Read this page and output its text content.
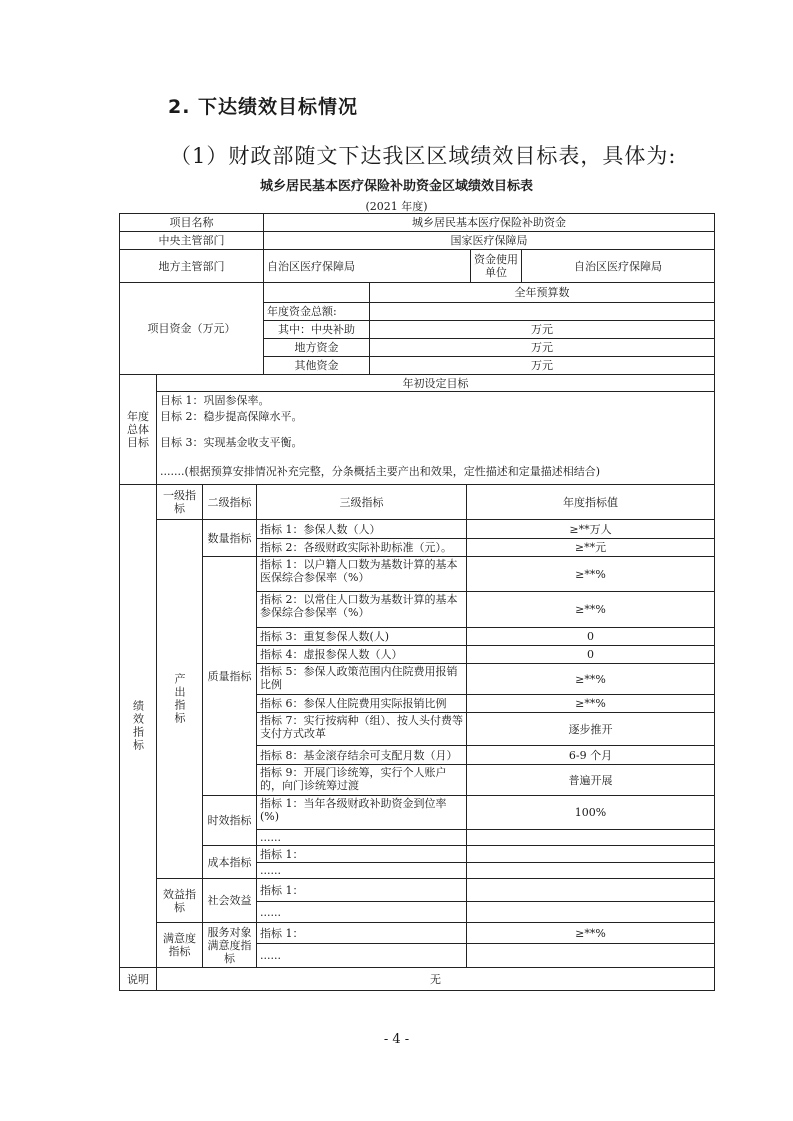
2. 下达绩效目标情况
（1）财政部随文下达我区区域绩效目标表，具体为:
城乡居民基本医疗保险补助资金区域绩效目标表
(2021 年度)
项目名称	城乡居民基本医疗保险补助资金
中央主管部门	国家医疗保障局
地方主管部门	自治区医疗保障局	资金使用单位	自治区医疗保障局
项目资金（万元）
全年预算数
年度资金总额:
其中：中央补助	万元
地方资金	万元
其他资金	万元
年度总体目标
年初设定目标
目标 1：巩固参保率。
目标 2：稳步提高保障水平。
目标 3：实现基金收支平衡。
.......(根据预算安排情况补充完整，分条概括主要产出和效果，定性描述和定量描述相结合)
绩效指标
一级指标	二级指标	三级指标	年度指标值
产出指标
数量指标
指标 1：参保人数（人）	≥**万人
指标 2：各级财政实际补助标准（元）。	≥**元
质量指标
指标 1：以户籍人口数为基数计算的基本医保综合参保率（%）	≥**%
指标 2：以常住人口数为基数计算的基本参保综合参保率（%）	≥**%
指标 3：重复参保人数(人)	0
指标 4：虚报参保人数（人）	0
指标 5：参保人政策范围内住院费用报销比例	≥**%
指标 6：参保人住院费用实际报销比例	≥**%
指标 7：实行按病种（组）、按人头付费等支付方式改革	逐步推开
指标 8：基金滚存结余可支配月数（月）	6-9 个月
指标 9：开展门诊统筹，实行个人账户的，向门诊统筹过渡	普遍开展
时效指标
指标 1：当年各级财政补助资金到位率(%)	100%
......
成本指标
指标 1：
......
效益指标	社会效益
指标 1：
......
满意度指标
服务对象满意度指标
指标 1：	≥**%
......
说明	无
- 4 -
